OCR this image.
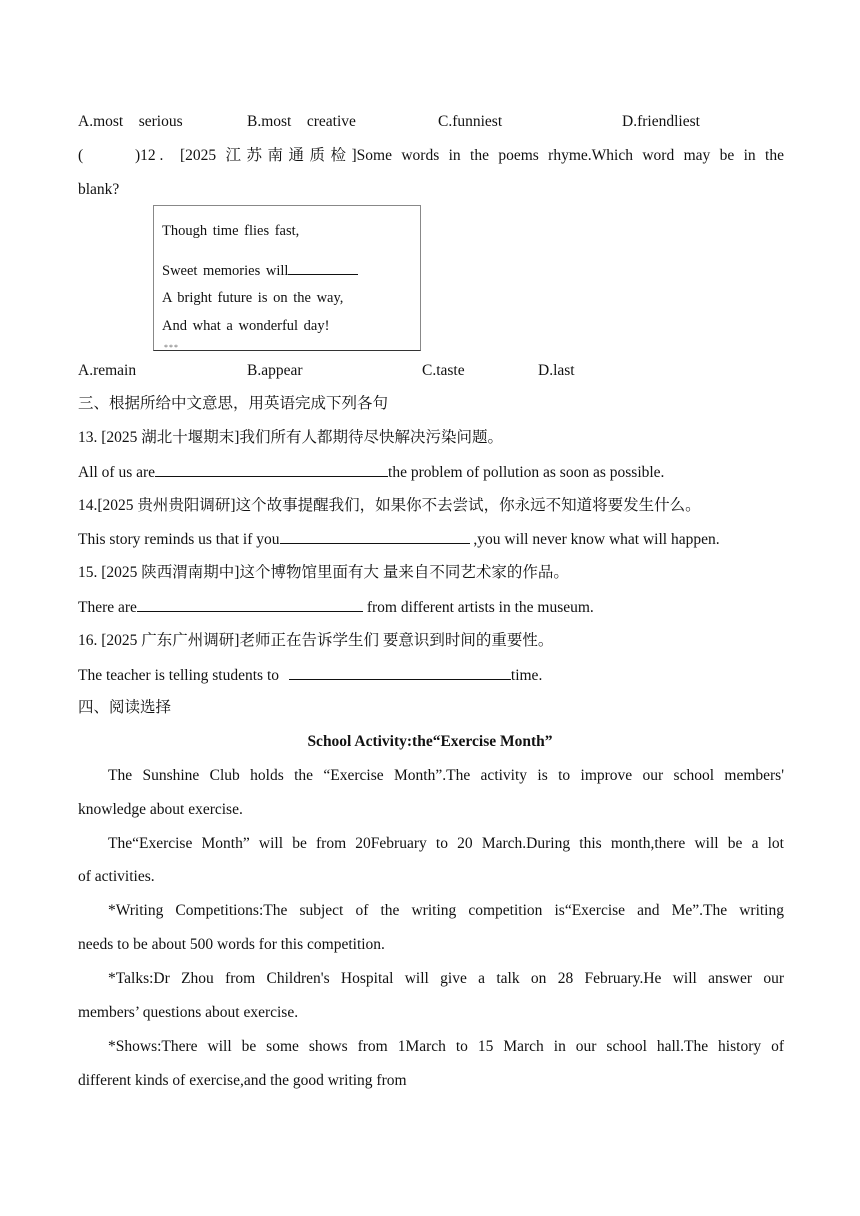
A.most    serious	B.most    creative	C.funniest	D.friendliest
(	)12 . [2025 江苏南通质检]Some words in the poems rhyme.Which word may be in the
blank?
Though time flies fast,
Sweet memories will
A bright future is on the way,
And what a wonderful day!
***
A.remain	B.appear	C.taste	D.last
三、根据所给中文意思，用英语完成下列各句
13. [2025 湖北十堰期末]我们所有人都期待尽快解决污染问题。
All of us are	the problem of pollution as soon as possible.
14.[2025 贵州贵阳调研]这个故事提醒我们，如果你不去尝试，你永远不知道将要发生什么。
This story reminds us that if you	,you will never know what will happen.
15. [2025 陕西渭南期中]这个博物馆里面有大 量来自不同艺术家的作品。
There are	from different artists in the museum.
16. [2025 广东广州调研]老师正在告诉学生们 要意识到时间的重要性。
The teacher is telling students to	time.
四、阅读选择
School Activity:the“Exercise Month”
The Sunshine Club holds the “Exercise Month”.The activity is to improve our school members'
knowledge about exercise.
The“Exercise Month” will be from 20February to 20 March.During this month,there will be a lot
of activities.
*Writing Competitions:The subject of the writing competition is“Exercise and Me”.The writing
needs to be about 500 words for this competition.
*Talks:Dr Zhou from Children's Hospital will give a talk on 28 February.He will answer our
members’ questions about exercise.
*Shows:There will be some shows from 1March to 15 March in our school hall.The history of
different kinds of exercise,and the good writing from
